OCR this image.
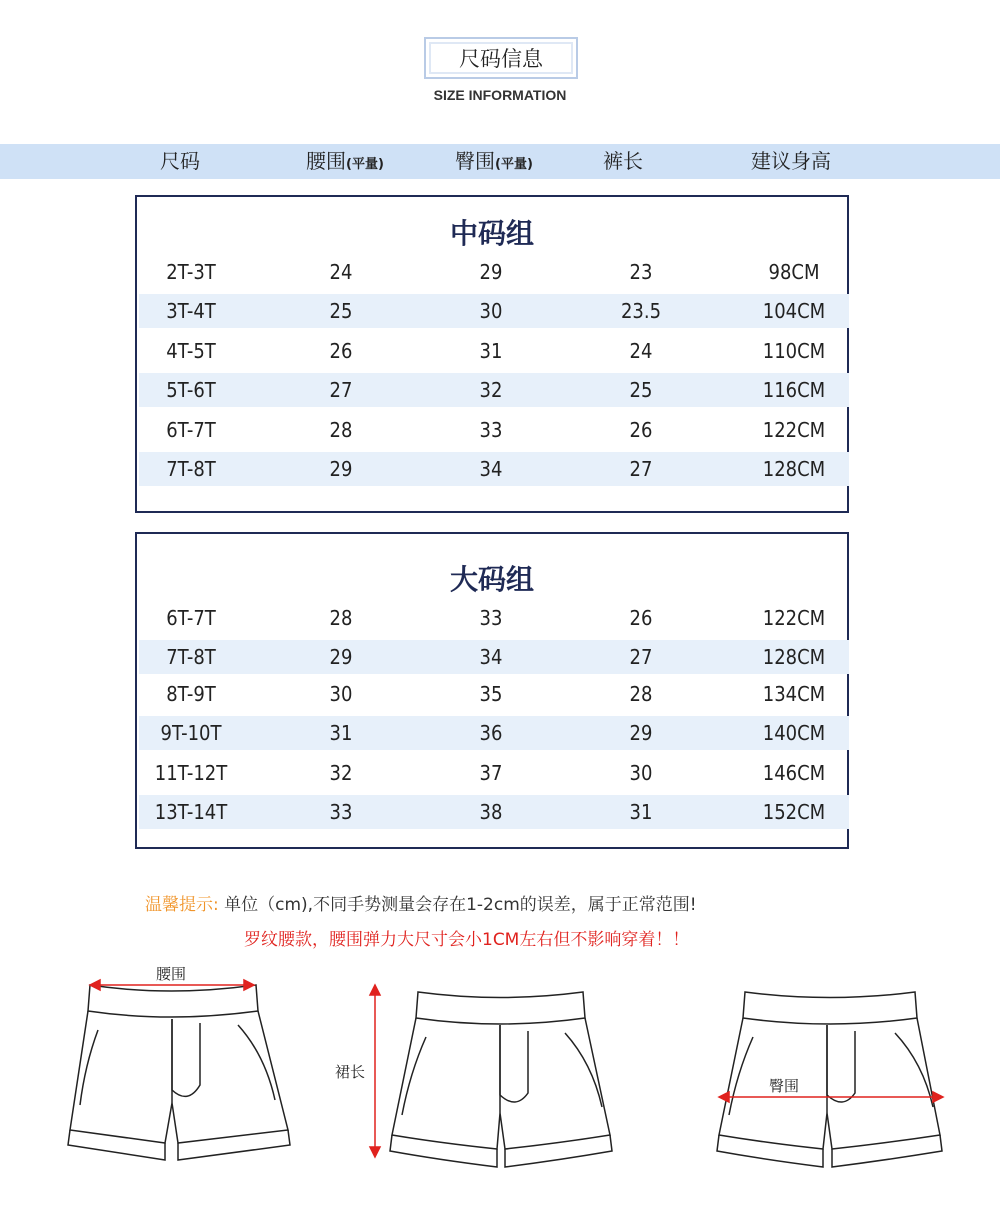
尺码信息
SIZE INFORMATION
尺码	腰围(平量)	臀围(平量)	裤长	建议身高
中码组
2T-3T	24	29	23	98CM
3T-4T	25	30	23.5	104CM
4T-5T	26	31	24	110CM
5T-6T	27	32	25	116CM
6T-7T	28	33	26	122CM
7T-8T	29	34	27	128CM
大码组
6T-7T	28	33	26	122CM
7T-8T	29	34	27	128CM
8T-9T	30	35	28	134CM
9T-10T	31	36	29	140CM
11T-12T	32	37	30	146CM
13T-14T	33	38	31	152CM
温馨提示: 单位（cm),不同手势测量会存在1-2cm的误差，属于正常范围!
罗纹腰款，腰围弹力大尺寸会小1CM左右但不影响穿着！！
腰围
裙长
臀围
